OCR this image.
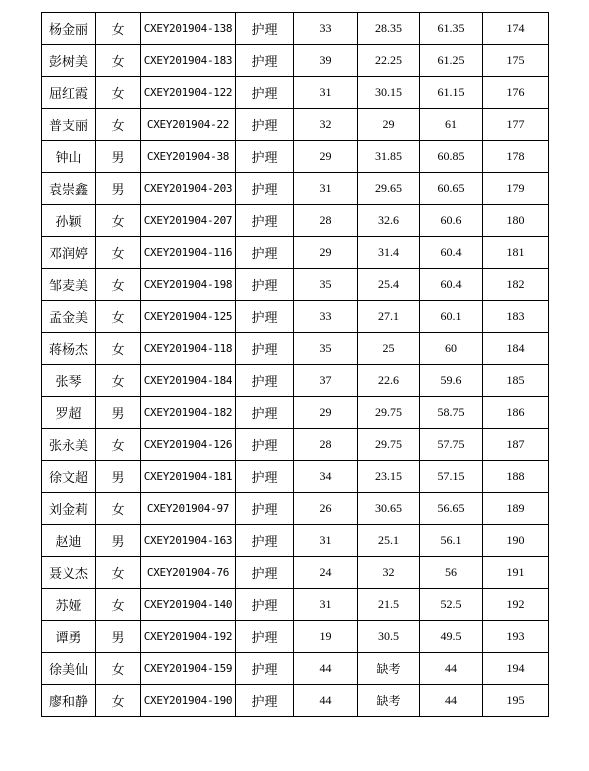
杨金丽	女	CXEY201904-138	护理	33	28.35	61.35	174
彭树美	女	CXEY201904-183	护理	39	22.25	61.25	175
屈红霞	女	CXEY201904-122	护理	31	30.15	61.15	176
普支丽	女	CXEY201904-22	护理	32	29	61	177
钟山	男	CXEY201904-38	护理	29	31.85	60.85	178
袁崇鑫	男	CXEY201904-203	护理	31	29.65	60.65	179
孙颖	女	CXEY201904-207	护理	28	32.6	60.6	180
邓润婷	女	CXEY201904-116	护理	29	31.4	60.4	181
邹麦美	女	CXEY201904-198	护理	35	25.4	60.4	182
孟金美	女	CXEY201904-125	护理	33	27.1	60.1	183
蒋杨杰	女	CXEY201904-118	护理	35	25	60	184
张琴	女	CXEY201904-184	护理	37	22.6	59.6	185
罗超	男	CXEY201904-182	护理	29	29.75	58.75	186
张永美	女	CXEY201904-126	护理	28	29.75	57.75	187
徐文超	男	CXEY201904-181	护理	34	23.15	57.15	188
刘金莉	女	CXEY201904-97	护理	26	30.65	56.65	189
赵迪	男	CXEY201904-163	护理	31	25.1	56.1	190
聂义杰	女	CXEY201904-76	护理	24	32	56	191
苏娅	女	CXEY201904-140	护理	31	21.5	52.5	192
谭勇	男	CXEY201904-192	护理	19	30.5	49.5	193
徐美仙	女	CXEY201904-159	护理	44	缺考	44	194
廖和静	女	CXEY201904-190	护理	44	缺考	44	195
